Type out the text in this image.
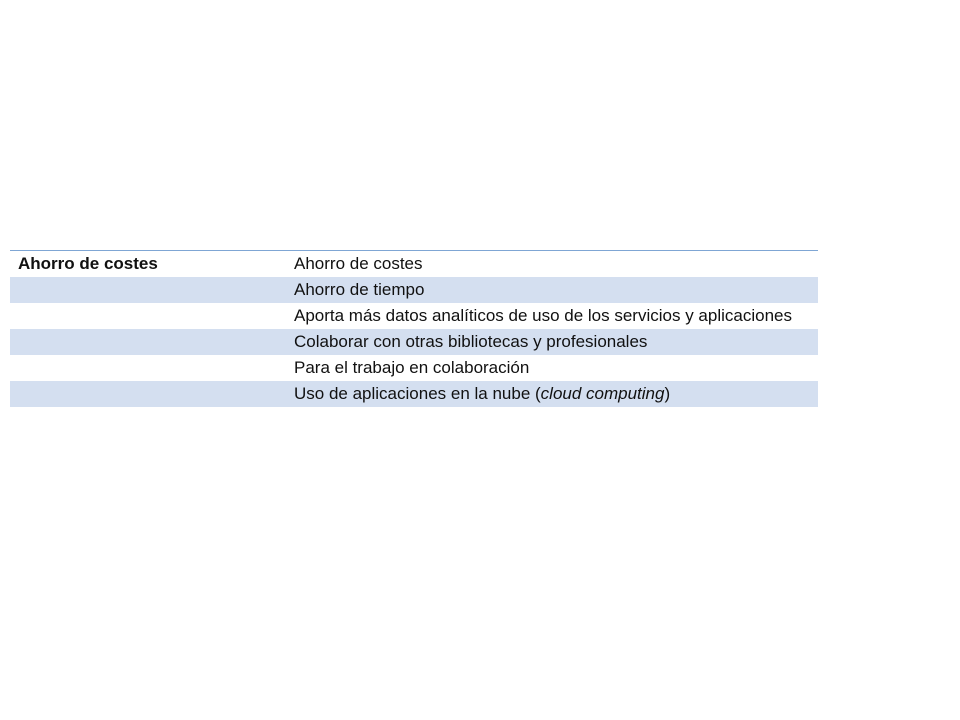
Ahorro de costes	Ahorro de costes
	Ahorro de tiempo
	Aporta más datos analíticos de uso de los servicios y aplicaciones
	Colaborar con otras bibliotecas y profesionales
	Para el trabajo en colaboración
	Uso de aplicaciones en la nube (cloud computing)
